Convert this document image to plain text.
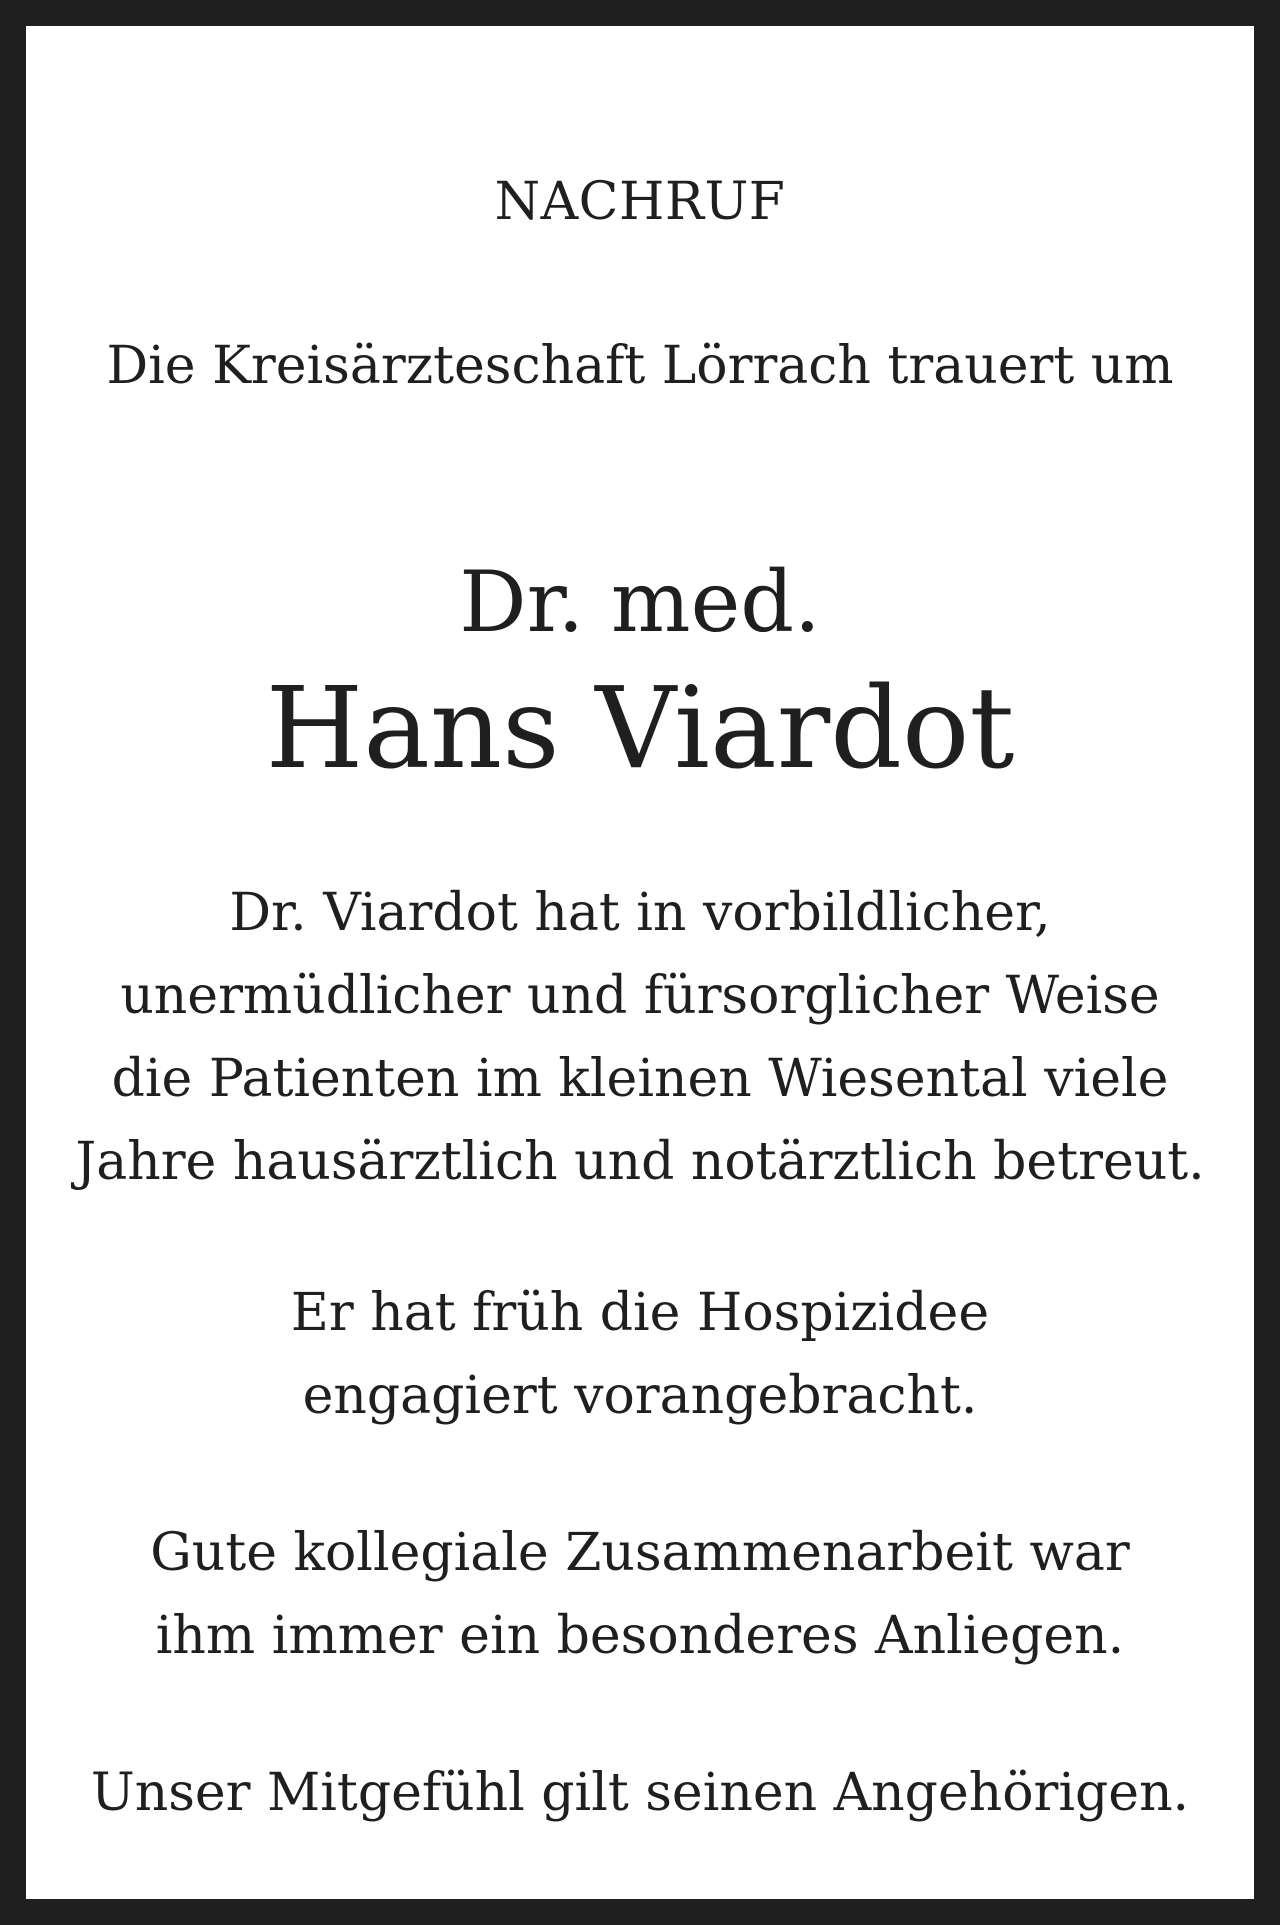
NACHRUF
Die Kreisärzteschaft Lörrach trauert um
Dr. med.
Hans Viardot
Dr. Viardot hat in vorbildlicher,
unermüdlicher und fürsorglicher Weise
die Patienten im kleinen Wiesental viele
Jahre hausärztlich und notärztlich betreut.
Er hat früh die Hospizidee
engagiert vorangebracht.
Gute kollegiale Zusammenarbeit war
ihm immer ein besonderes Anliegen.
Unser Mitgefühl gilt seinen Angehörigen.
